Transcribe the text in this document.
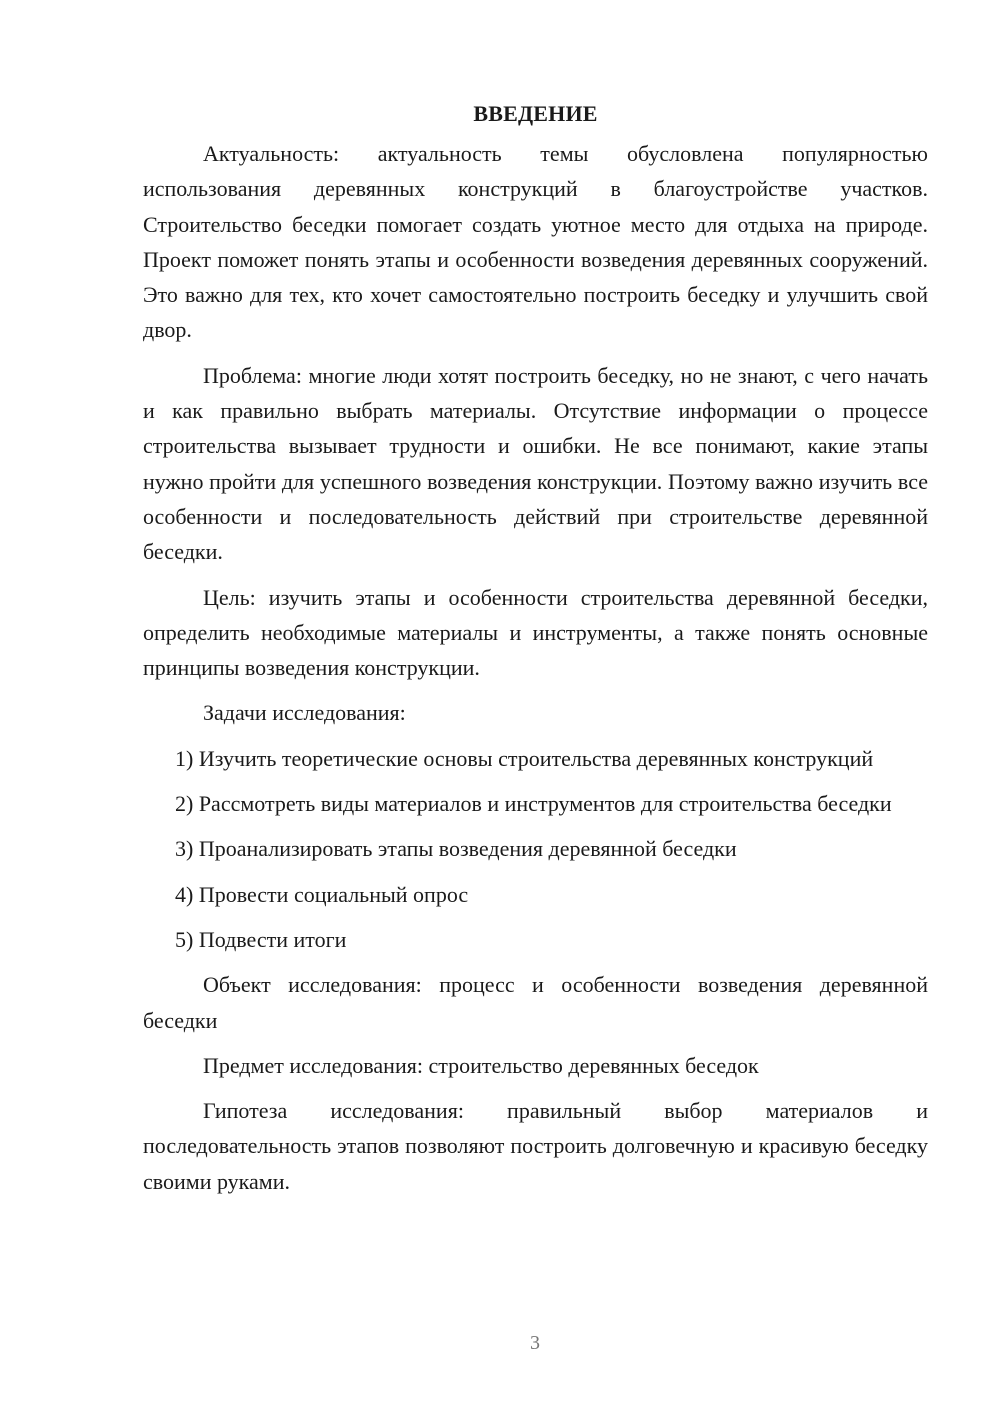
ВВЕДЕНИЕ

Актуальность: актуальность темы обусловлена популярностью использования деревянных конструкций в благоустройстве участков. Строительство беседки помогает создать уютное место для отдыха на природе. Проект поможет понять этапы и особенности возведения деревянных сооружений. Это важно для тех, кто хочет самостоятельно построить беседку и улучшить свой двор.

Проблема: многие люди хотят построить беседку, но не знают, с чего начать и как правильно выбрать материалы. Отсутствие информации о процессе строительства вызывает трудности и ошибки. Не все понимают, какие этапы нужно пройти для успешного возведения конструкции. Поэтому важно изучить все особенности и последовательность действий при строительстве деревянной беседки.

Цель: изучить этапы и особенности строительства деревянной беседки, определить необходимые материалы и инструменты, а также понять основные принципы возведения конструкции.

Задачи исследования:

1) Изучить теоретические основы строительства деревянных конструкций

2) Рассмотреть виды материалов и инструментов для строительства беседки

3) Проанализировать этапы возведения деревянной беседки

4) Провести социальный опрос

5) Подвести итоги

Объект исследования: процесс и особенности возведения деревянной беседки

Предмет исследования: строительство деревянных беседок

Гипотеза исследования: правильный выбор материалов и последовательность этапов позволяют построить долговечную и красивую беседку своими руками.

3
